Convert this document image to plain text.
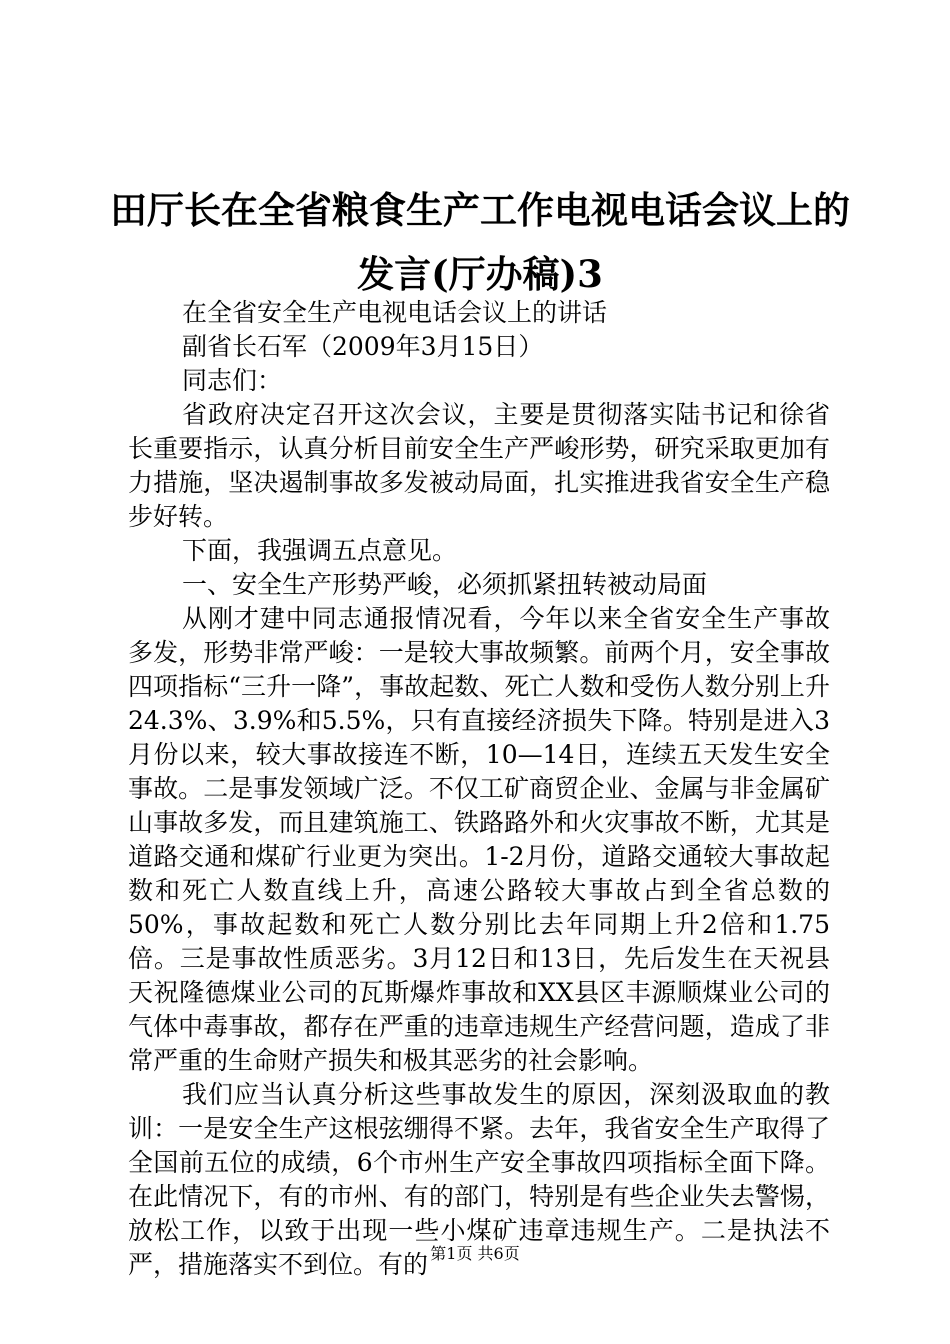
田厅长在全省粮食生产工作电视电话会议上的
发言(厅办稿)3
在全省安全生产电视电话会议上的讲话
副省长石军（2009年3月15日）
同志们：

省政府决定召开这次会议，主要是贯彻落实陆书记和徐省长重要指示，认真分析目前安全生产严峻形势，研究采取更加有力措施，坚决遏制事故多发被动局面，扎实推进我省安全生产稳步好转。

下面，我强调五点意见。

一、安全生产形势严峻，必须抓紧扭转被动局面

从刚才建中同志通报情况看，今年以来全省安全生产事故多发，形势非常严峻：一是较大事故频繁。前两个月，安全事故四项指标“三升一降”，事故起数、死亡人数和受伤人数分别上升24.3%、3.9%和5.5%，只有直接经济损失下降。特别是进入3月份以来，较大事故接连不断，10—14日，连续五天发生安全事故。二是事发领域广泛。不仅工矿商贸企业、金属与非金属矿山事故多发，而且建筑施工、铁路路外和火灾事故不断，尤其是道路交通和煤矿行业更为突出。1-2月份，道路交通较大事故起数和死亡人数直线上升，高速公路较大事故占到全省总数的50%，事故起数和死亡人数分别比去年同期上升2倍和1.75倍。三是事故性质恶劣。3月12日和13日，先后发生在天祝县天祝隆德煤业公司的瓦斯爆炸事故和XX县区丰源顺煤业公司的气体中毒事故，都存在严重的违章违规生产经营问题，造成了非常严重的生命财产损失和极其恶劣的社会影响。

我们应当认真分析这些事故发生的原因，深刻汲取血的教训：一是安全生产这根弦绷得不紧。去年，我省安全生产取得了全国前五位的成绩，6个市州生产安全事故四项指标全面下降。在此情况下，有的市州、有的部门，特别是有些企业失去警惕，放松工作，以致于出现一些小煤矿违章违规生产。二是执法不严，措施落实不到位。有的 第1页 共6页
